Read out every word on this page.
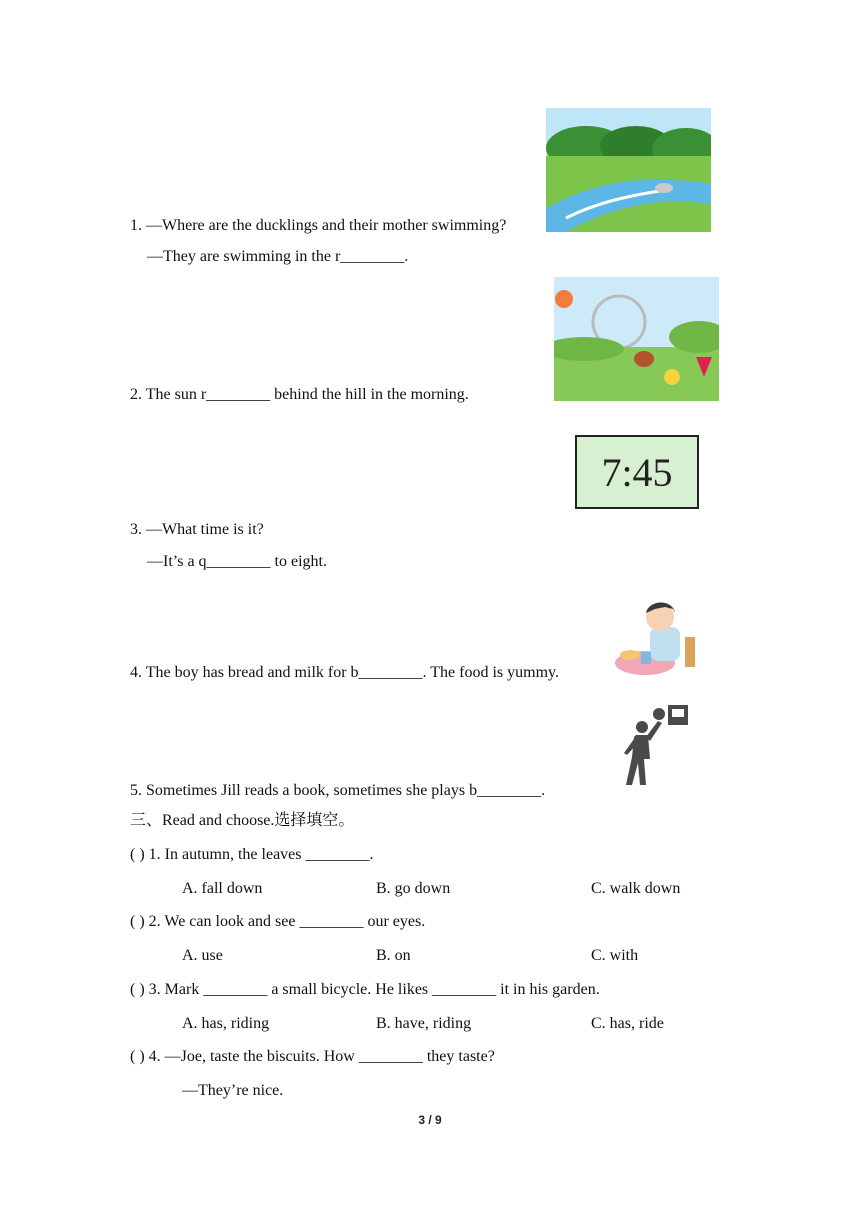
1. —Where are the ducklings and their mother swimming?
—They are swimming in the r________.
2. The sun r________ behind the hill in the morning.
7:45
3. —What time is it?
—It’s a q________ to eight.
4. The boy has bread and milk for b________. The food is yummy.
5. Sometimes Jill reads a book, sometimes she plays b________.
三、Read and choose.选择填空。
( ) 1. In autumn, the leaves ________.
A. fall down	B. go down	C. walk down
( ) 2. We can look and see ________ our eyes.
A. use	B. on	C. with
( ) 3. Mark ________ a small bicycle. He likes ________ it in his garden.
A. has, riding	B. have, riding	C. has, ride
( ) 4. —Joe, taste the biscuits. How ________ they taste?
—They’re nice.
3 / 9
